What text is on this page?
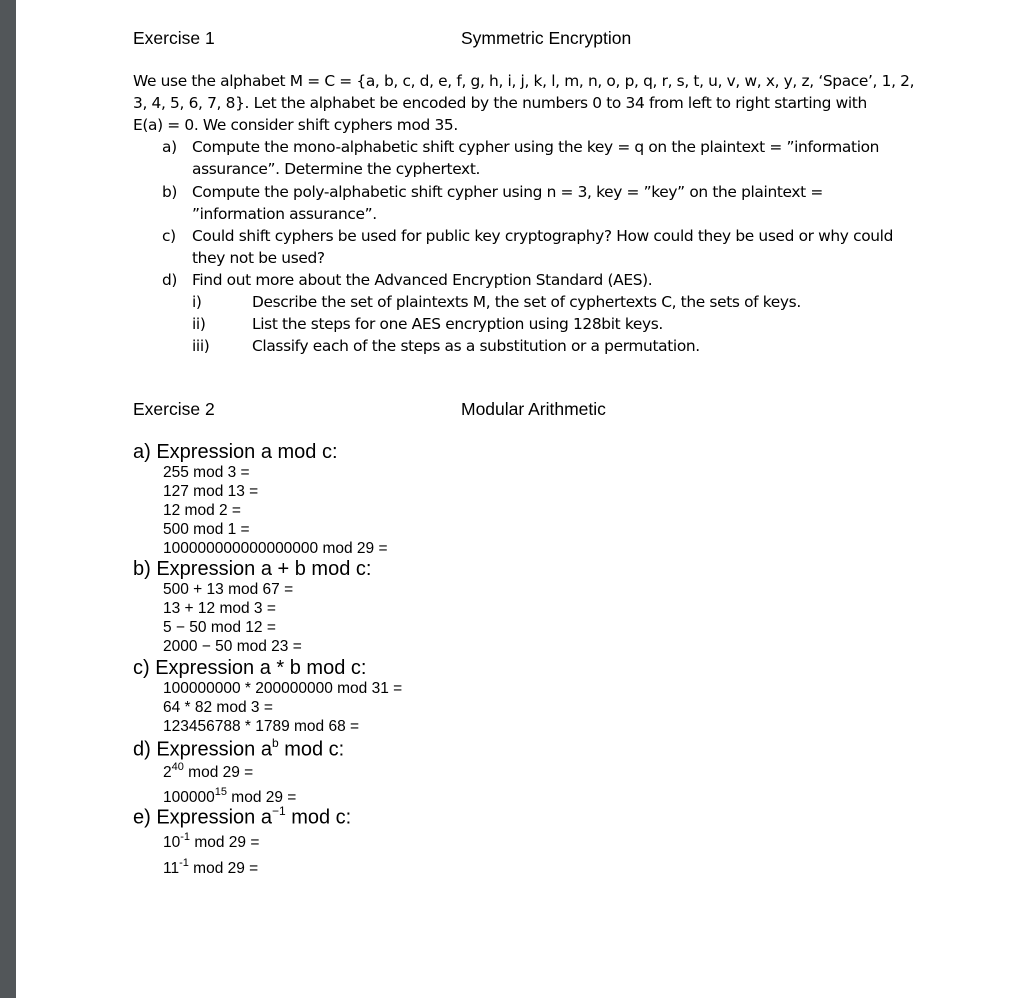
Exercise 1	Symmetric Encryption
We use the alphabet M = C = {a, b, c, d, e, f, g, h, i, j, k, l, m, n, o, p, q, r, s, t, u, v, w, x, y, z, ‘Space’, 1, 2,
3, 4, 5, 6, 7, 8}. Let the alphabet be encoded by the numbers 0 to 34 from left to right starting with
E(a) = 0. We consider shift cyphers mod 35.
a) Compute the mono-alphabetic shift cypher using the key = q on the plaintext = ”information
assurance”. Determine the cyphertext.
b) Compute the poly-alphabetic shift cypher using n = 3, key = ”key” on the plaintext =
”information assurance”.
c) Could shift cyphers be used for public key cryptography? How could they be used or why could
they not be used?
d) Find out more about the Advanced Encryption Standard (AES).
i)	Describe the set of plaintexts M, the set of cyphertexts C, the sets of keys.
ii)	List the steps for one AES encryption using 128bit keys.
iii)	Classify each of the steps as a substitution or a permutation.
Exercise 2	Modular Arithmetic
a) Expression a mod c:
255 mod 3 =
127 mod 13 =
12 mod 2 =
500 mod 1 =
100000000000000000 mod 29 =
b) Expression a + b mod c:
500 + 13 mod 67 =
13 + 12 mod 3 =
5 − 50 mod 12 =
2000 − 50 mod 23 =
c) Expression a * b mod c:
100000000 * 200000000 mod 31 =
64 * 82 mod 3 =
123456788 * 1789 mod 68 =
d) Expression $a^b$ mod c:
$2^{40}$ mod 29 =
$100000^{15}$ mod 29 =
e) Expression $a^{-1}$ mod c:
$10^{-1}$ mod 29 =
$11^{-1}$ mod 29 =
